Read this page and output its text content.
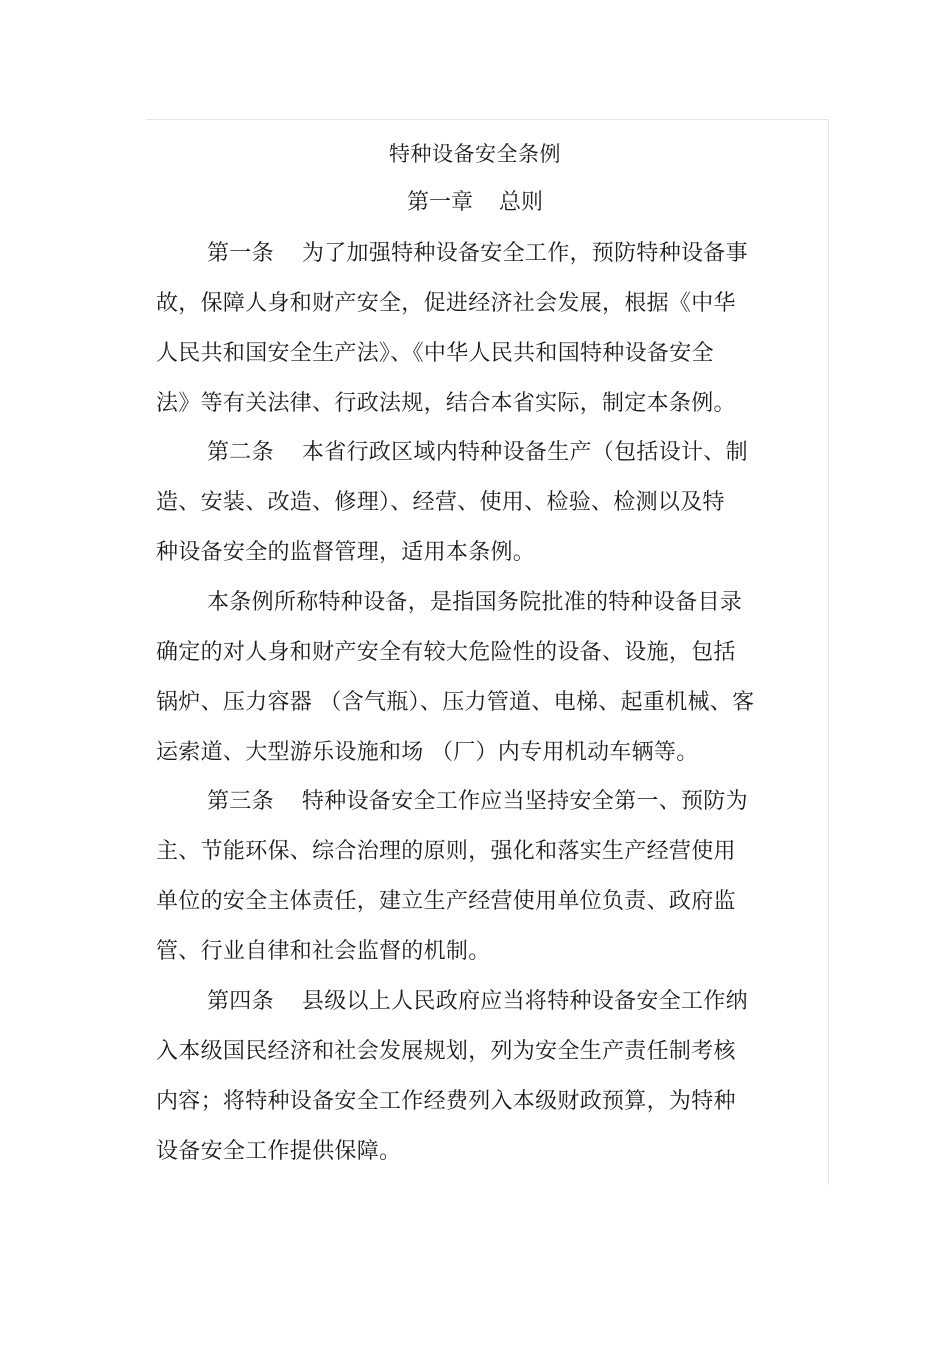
特种设备安全条例
第一章 总则
第一条 为了加强特种设备安全工作，预防特种设备事
故，保障人身和财产安全，促进经济社会发展，根据《中华
人民共和国安全生产法》、《中华人民共和国特种设备安全
法》等有关法律、行政法规，结合本省实际，制定本条例。
第二条 本省行政区域内特种设备生产（包括设计、制
造、安装、改造、修理）、经营、使用、检验、检测以及特
种设备安全的监督管理，适用本条例。
本条例所称特种设备，是指国务院批准的特种设备目录
确定的对人身和财产安全有较大危险性的设备、设施，包括
锅炉、压力容器 （含气瓶）、压力管道、电梯、起重机械、客
运索道、大型游乐设施和场 （厂）内专用机动车辆等。
第三条 特种设备安全工作应当坚持安全第一、预防为
主、节能环保、综合治理的原则，强化和落实生产经营使用
单位的安全主体责任，建立生产经营使用单位负责、政府监
管、行业自律和社会监督的机制。
第四条 县级以上人民政府应当将特种设备安全工作纳
入本级国民经济和社会发展规划，列为安全生产责任制考核
内容；将特种设备安全工作经费列入本级财政预算，为特种
设备安全工作提供保障。
